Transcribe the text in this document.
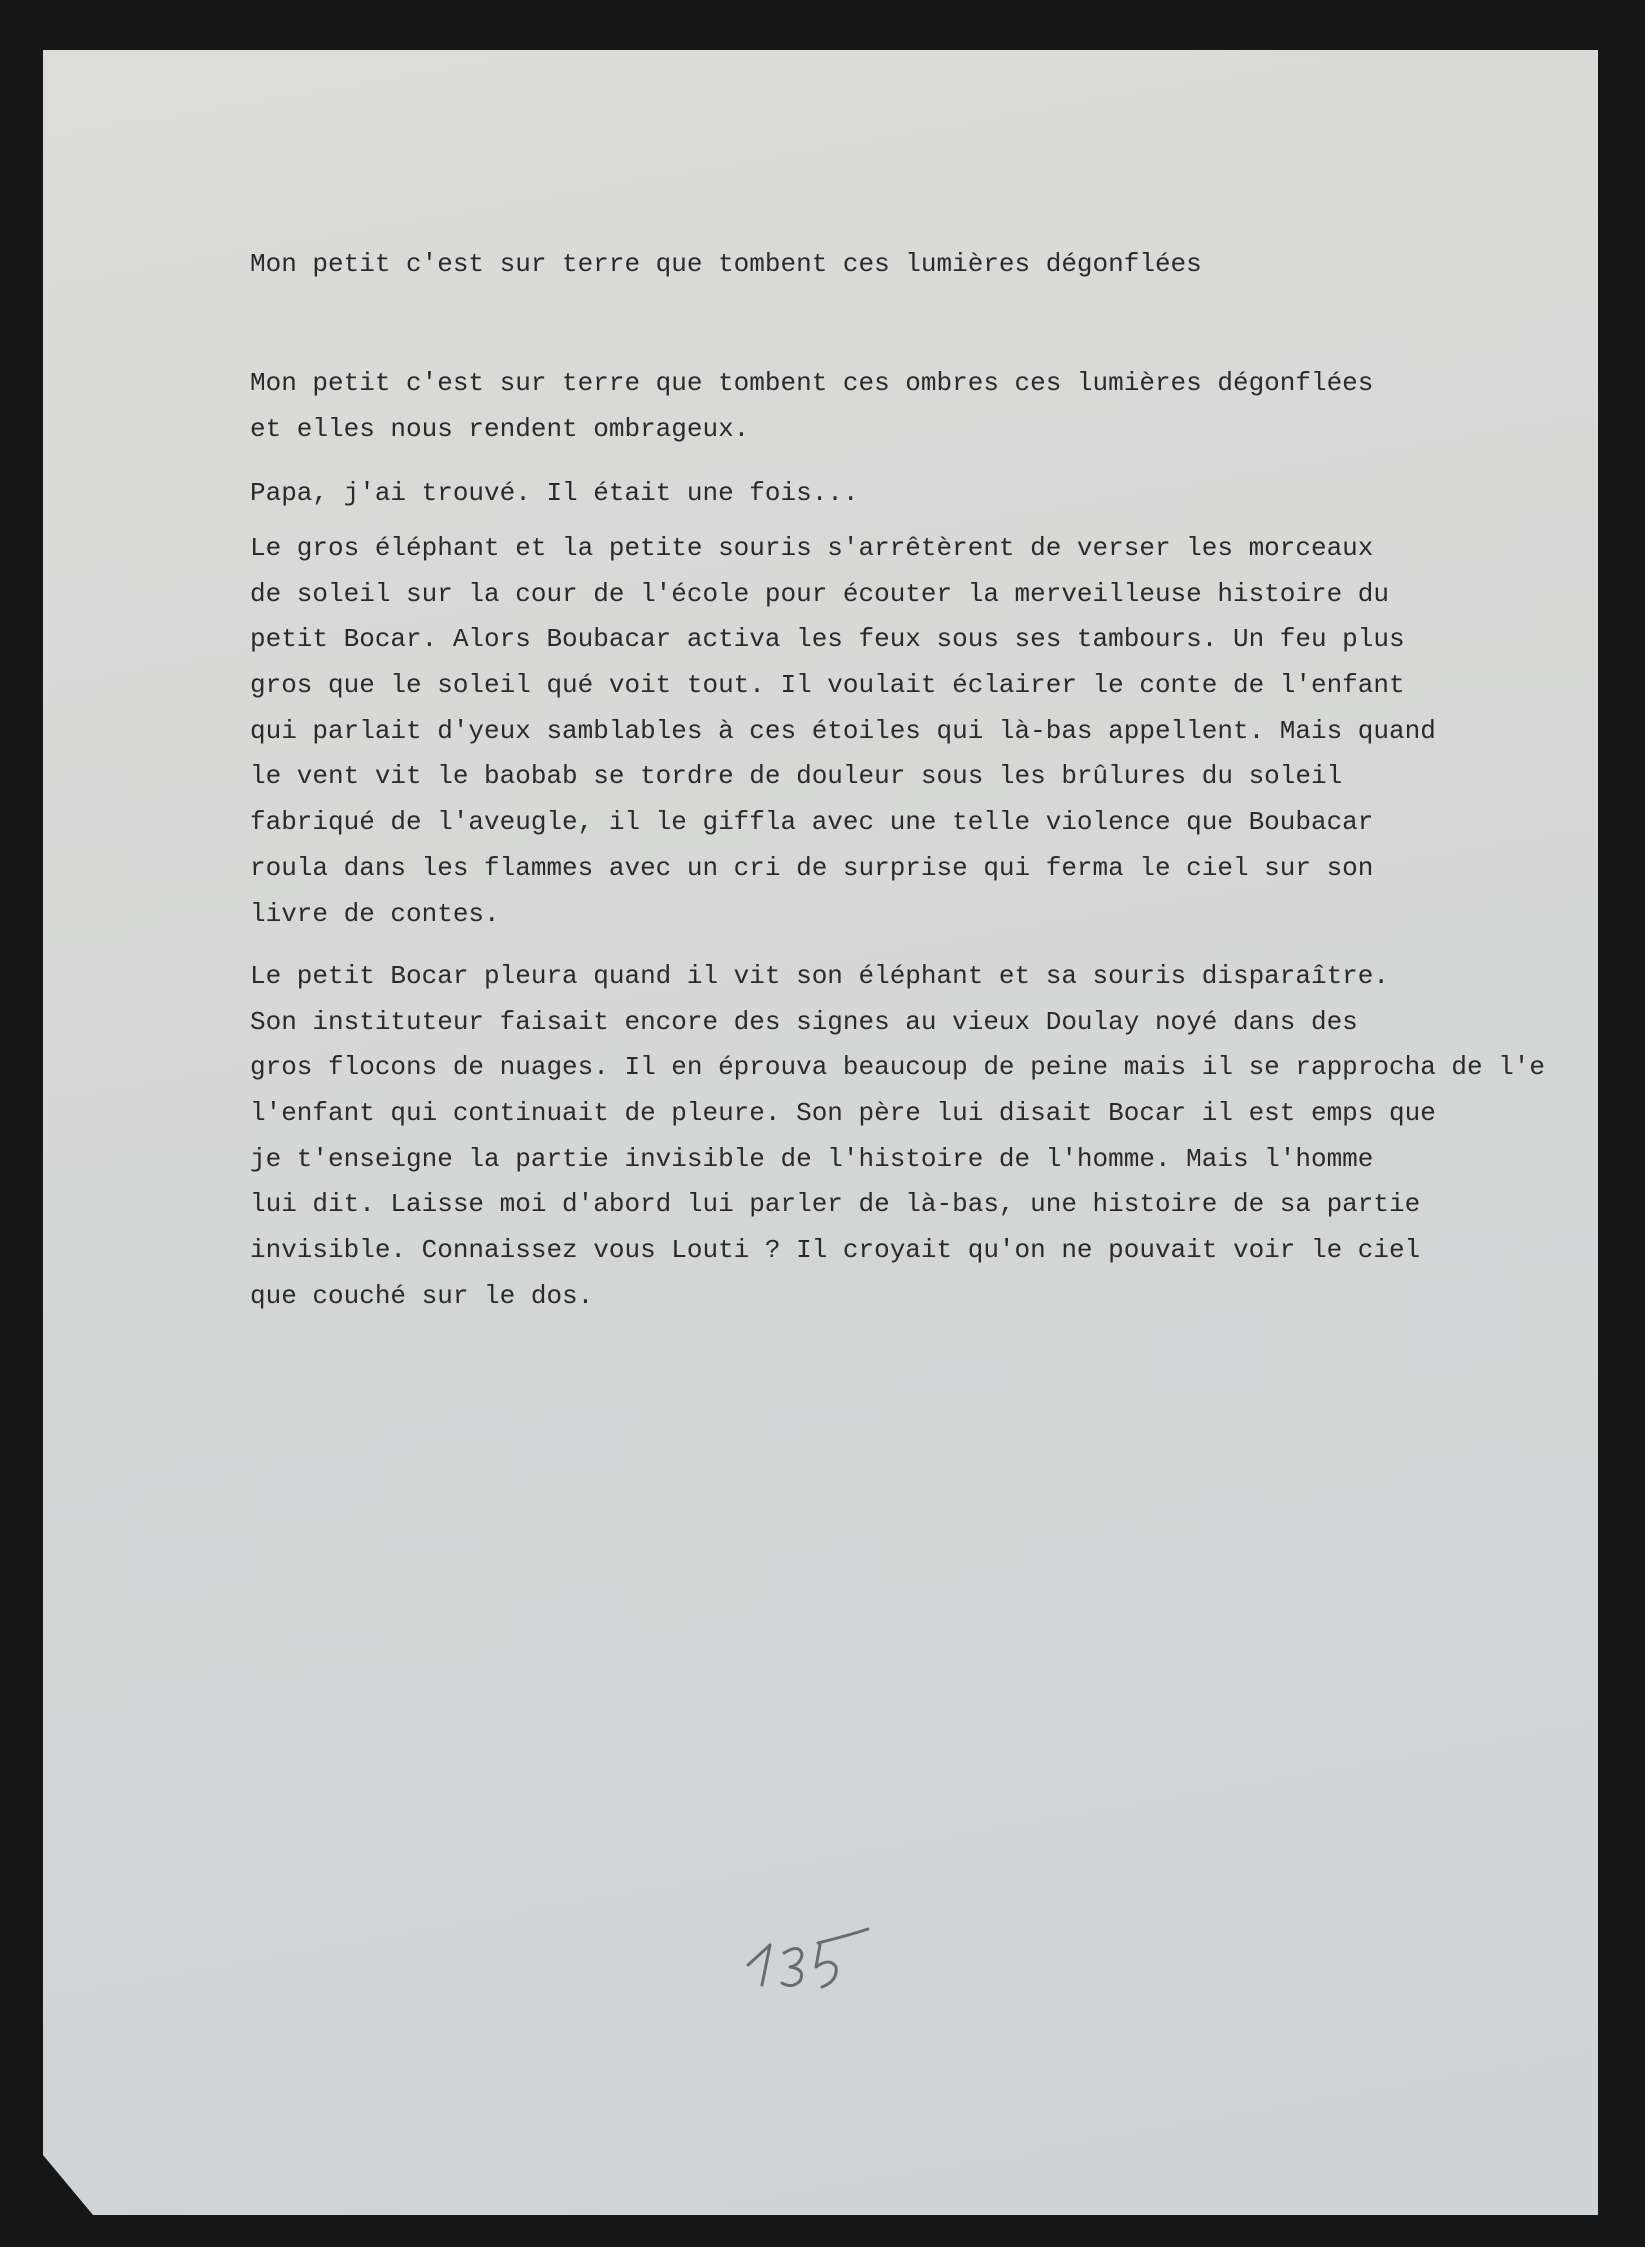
Mon petit c'est sur terre que tombent ces lumières dégonflées
Mon petit c'est sur terre que tombent ces ombres ces lumières dégonflées
et elles nous rendent ombrageux.
Papa, j'ai trouvé. Il était une fois...
Le gros éléphant et la petite souris s'arrêtèrent de verser les morceaux
de soleil sur la cour de l'école pour écouter la merveilleuse histoire du
petit Bocar. Alors Boubacar activa les feux sous ses tambours. Un feu plus
gros que le soleil qué voit tout. Il voulait éclairer le conte de l'enfant
qui parlait d'yeux samblables à ces étoiles qui là-bas appellent. Mais quand
le vent vit le baobab se tordre de douleur sous les brûlures du soleil
fabriqué de l'aveugle, il le giffla avec une telle violence que Boubacar
roula dans les flammes avec un cri de surprise qui ferma le ciel sur son
livre de contes.
Le petit Bocar pleura quand il vit son éléphant et sa souris disparaître.
Son instituteur faisait encore des signes au vieux Doulay noyé dans des
gros flocons de nuages. Il en éprouva beaucoup de peine mais il se rapprocha de l'e
l'enfant qui continuait de pleure. Son père lui disait Bocar il est emps que
je t'enseigne la partie invisible de l'histoire de l'homme. Mais l'homme
lui dit. Laisse moi d'abord lui parler de là-bas, une histoire de sa partie
invisible. Connaissez vous Louti ? Il croyait qu'on ne pouvait voir le ciel
que couché sur le dos.
